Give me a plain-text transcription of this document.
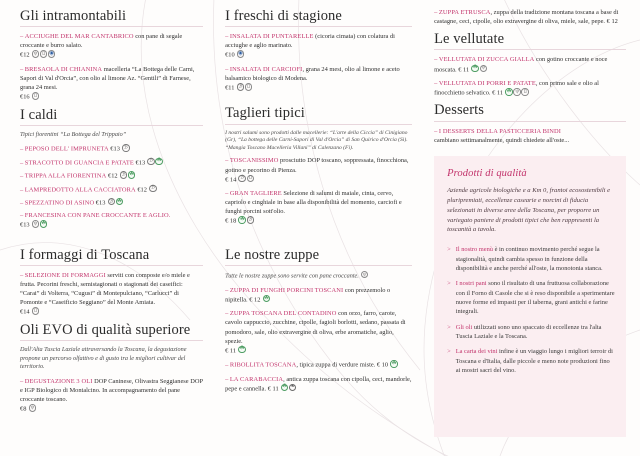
Gli intramontabili

– ACCIUGHE DEL MAR CANTABRICO con pane di segale croccante e burro salato.
€12 ψ▯◉

– BRESAOLA DI CHIANINA macelleria “La Bottega delle Carni, Sapori di Val d'Orcia”, con olio al limone Az. “Gentili” di Farnese, grana 24 mesi.
€16 ▯

I caldi

Tipici fiorentini “La Bottega del Trippaio”

– PEPOSO DELL' IMPRUNETA €13 ℬ

– STRACOTTO DI GUANCIA E PATATE €13 ℬ☘

– TRIPPA ALLA FIORENTINA €12 ℬ☘

– LAMPREDOTTO ALLA CACCIATORA €12 ℬ

– SPEZZATINO DI ASINO €13 ℬ☘

– FRANCESINA CON PANE CROCCANTE E AGLIO.
€13 ψ☘

I formaggi di Toscana

– SELEZIONE DI FORMAGGI serviti con composte e/o miele e frutta. Pecorini freschi, semistagionati o stagionati dei caseifici: “Carai” di Volterra, “Cugusi” di Montepulciano, “Carlucci” di Pomonte e “Caseificio Seggiano” del Monte Amiata.
€14 ▯

Oli EVO di qualità superiore

Dall'Alta Tuscia Laziale attraversando la Toscana, la degustazione propone un percorso olfattivo e di gusto tra le migliori cultivar del territorio.

– DEGUSTAZIONE 3 OLI DOP Caninese, Olivastra Seggianese DOP e IGP Biologico di Montalcino. In accompagnamento del pane croccante toscano.
€8 ψ

I freschi di stagione

– INSALATA DI PUNTARELLE (cicoria cimata) con colatura di acciughe e aglio marinato.
€10 ◉

– INSALATA DI CARCIOFI, grana 24 mesi, olio al limone e aceto balsamico biologico di Modena.
€11 ℬ▯

Taglieri tipici

I nostri salumi sono prodotti dalle macellerie: “L'arte della Ciccia” di Cinigiano (Gr), “La bottega delle Carni-Sapori di Val d'Orcia” di San Quirico d'Orcia (Si). “Mangia Toscano Macelleria Villani” di Calenzano (Fi).

– TOSCANISSIMO prosciutto DOP toscano, soppressata, finocchiona, gotino e pecorino di Pienza.
€ 14 ℬ▯

– GRAN TAGLIERE Selezione di salumi di maiale, cinta, cervo, capriolo e cinghiale in base alla disponibilità del momento, carciofi e funghi porcini sott'olio.
€ 18 ☘ℬ

Le nostre zuppe

Tutte le nostre zuppe sono servite con pane croccante. ψ

– ZUPPA DI FUNGHI PORCINI TOSCANI con prezzemolo o nipitella. € 12 ☘

– ZUPPA TOSCANA DEL CONTADINO con orzo, farro, carote, cavolo cappuccio, zucchine, cipolle, fagioli borlotti, sedano, passata di pomodoro, sale, olio extravergine di oliva, erbe aromatiche, aglio, spezie.
€ 11 ☘

– RIBOLLITA TOSCANA, tipica zuppa di verdure miste. € 10 ☘

– LA CARABACCIA, antica zuppa toscana con cipolla, ceci, mandorle, pepe e cannella. € 11 ☘❧

– ZUPPA ETRUSCA, zuppa della tradizione montana toscana a base di castagne, ceci, cipolle, olio extravergine di oliva, miele, sale, pepe. € 12

Le vellutate

– VELLUTATA DI ZUCCA GIALLA con gotino croccante e noce moscata. € 11 ☘ψ

– VELLUTATA DI PORRI E PATATE, con primo sale e olio al finocchietto selvatico. € 11 ☘ψ▯

Desserts

– I DESSERTS DELLA PASTICCERIA BINDI
cambiano settimanalmente, quindi chiedete all'oste...

Prodotti di qualità

Aziende agricole biologiche e a Km 0, frantoi ecosostenibili e pluripremiati, eccellenze casearie e norcini di fiducia selezionati in diverse aree della Toscana, per proporre un variegato paniere di prodotti tipici che ben rappresenti la toscanità a tavola.

> Il nostro menù è in continuo movimento perché segue la stagionalità, quindi cambia spesso in funzione della disponibilità e anche perché all'oste, la monotonia stanca.
> I nostri pani sono il risultato di una fruttuosa collaborazione con il Forno di Casole che si è reso disponibile a sperimentare nuove forme ed impasti per il taberna, grani antichi e farine integrali.
> Gli oli utilizzati sono uno spaccato di eccellenze tra l'alta Tuscia Laziale e la Toscana.
> La carta dei vini infine è un viaggio lungo i migliori terroir di Toscana e d'Italia, dalle piccole e meno note produzioni fino ai mostri sacri del vino.
